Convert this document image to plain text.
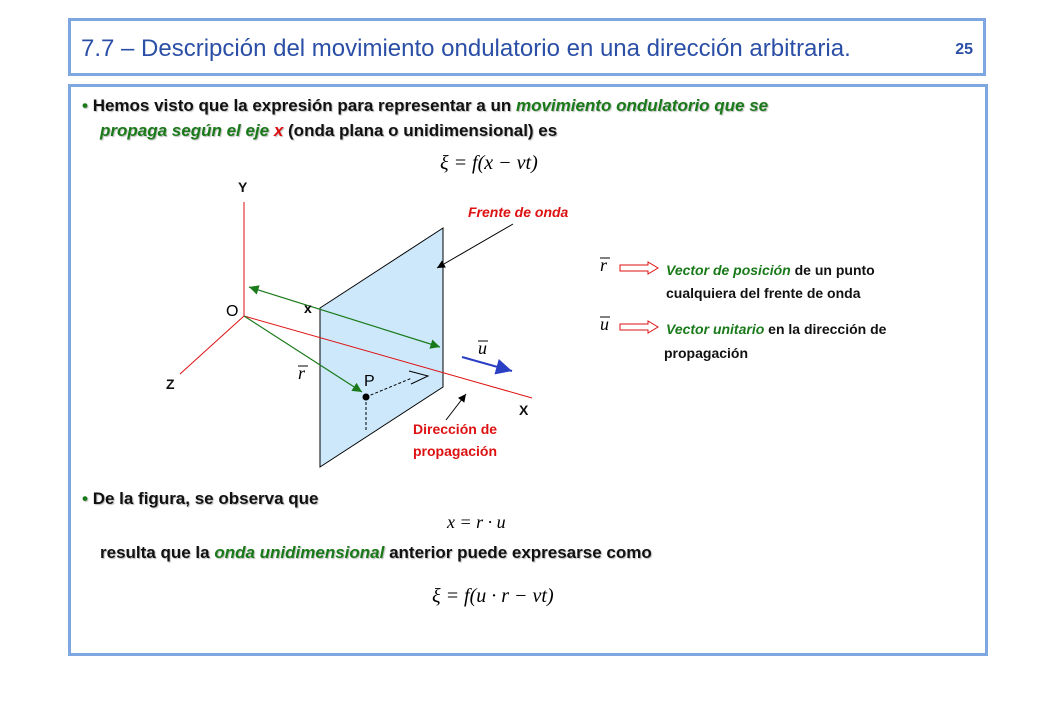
7.7 – Descripción del movimiento ondulatorio en una dirección arbitraria.	25
• Hemos visto que la expresión para representar a un movimiento ondulatorio que se
propaga según el eje x (onda plana o unidimensional) es
ξ = f(x − vt)
Y
X
Z
O	x
P
r
u
Frente de onda
Dirección de
propagación
r	Vector de posición de un punto
cualquiera del frente de onda
u	Vector unitario en la dirección de
propagación
• De la figura, se observa que
x = r · u
resulta que la onda unidimensional anterior puede expresarse como
ξ = f(u · r − vt)
